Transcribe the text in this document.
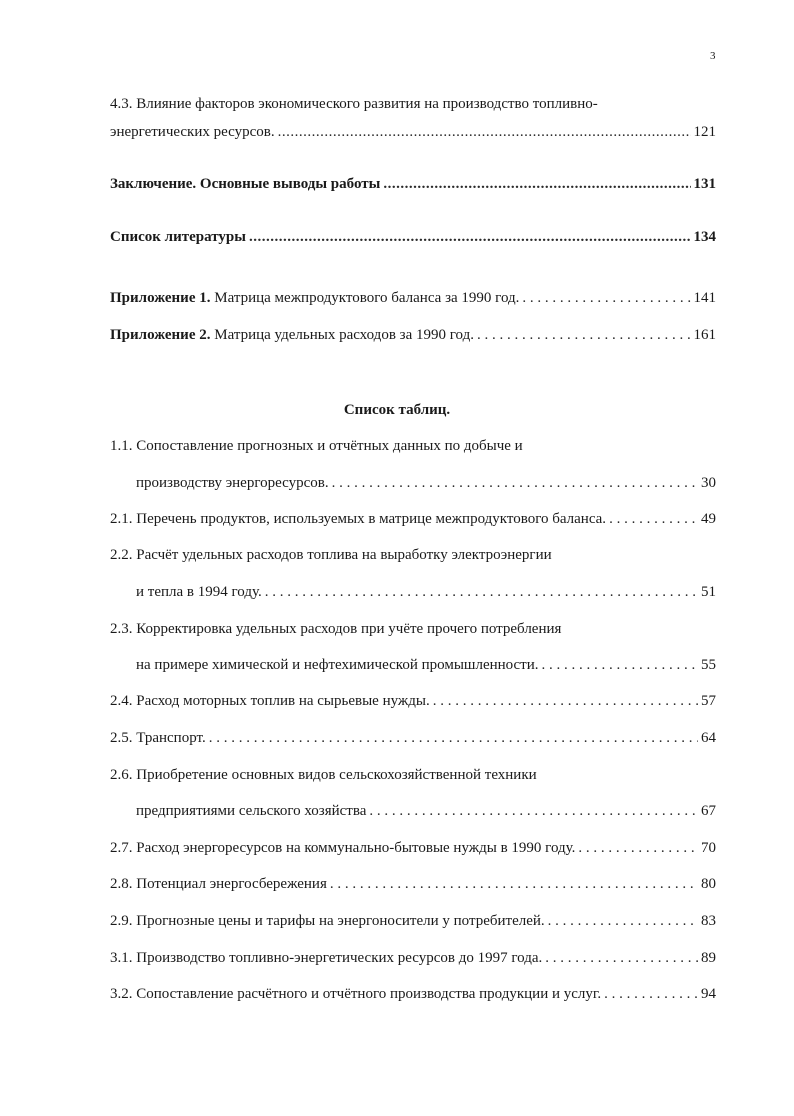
3
4.3. Влияние факторов экономического развития на производство топливно-
энергетических ресурсов. .....	121
Заключение. Основные выводы работы .....	131
Список литературы .....	134
Приложение 1. Матрица межпродуктового баланса за 1990 год. . . .	141
Приложение 2. Матрица удельных расходов за 1990 год. . . .	161
Список таблиц.
1.1. Сопоставление прогнозных и отчётных данных по добыче и
производству энергоресурсов. . . .	30
2.1. Перечень продуктов, используемых в матрице межпродуктового баланса. . . .	49
2.2. Расчёт удельных расходов топлива на выработку электроэнергии
и тепла в 1994 году. . . .	51
2.3. Корректировка удельных расходов при учёте прочего потребления
на примере химической и нефтехимической промышленности. . . .	55
2.4. Расход моторных топлив на сырьевые нужды. . . .	57
2.5. Транспорт. . . .	64
2.6. Приобретение основных видов сельскохозяйственной техники
предприятиями сельского хозяйства . . .	67
2.7. Расход энергоресурсов на коммунально-бытовые нужды в 1990 году. . . .	70
2.8. Потенциал энергосбережения . . .	80
2.9. Прогнозные цены и тарифы на энергоносители у потребителей. . . .	83
3.1. Производство топливно-энергетических ресурсов до 1997 года. . . .	89
3.2. Сопоставление расчётного и отчётного производства продукции и услуг. . . .	94
